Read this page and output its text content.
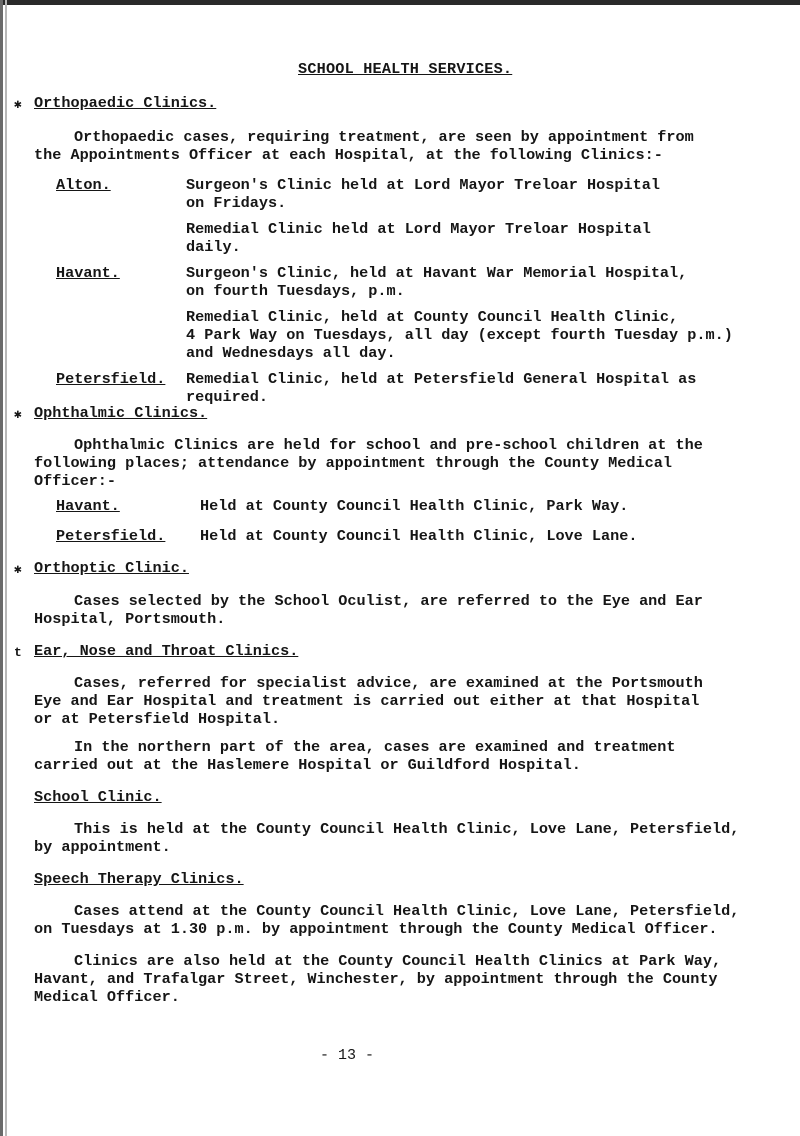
SCHOOL HEALTH SERVICES.
✱ Orthopaedic Clinics.
Orthopaedic cases, requiring treatment, are seen by appointment from
the Appointments Officer at each Hospital, at the following Clinics:-
Alton.	Surgeon's Clinic held at Lord Mayor Treloar Hospital
on Fridays.
Remedial Clinic held at Lord Mayor Treloar Hospital
daily.
Havant.	Surgeon's Clinic, held at Havant War Memorial Hospital,
on fourth Tuesdays, p.m.
Remedial Clinic, held at County Council Health Clinic,
4 Park Way on Tuesdays, all day (except fourth Tuesday p.m.)
and Wednesdays all day.
Petersfield. Remedial Clinic, held at Petersfield General Hospital as
required.
✱ Ophthalmic Clinics.
Ophthalmic Clinics are held for school and pre-school children at the
following places; attendance by appointment through the County Medical
Officer:-
Havant.	Held at County Council Health Clinic, Park Way.
Petersfield. Held at County Council Health Clinic, Love Lane.
✱ Orthoptic Clinic.
Cases selected by the School Oculist, are referred to the Eye and Ear
Hospital, Portsmouth.
t Ear, Nose and Throat Clinics.
Cases, referred for specialist advice, are examined at the Portsmouth
Eye and Ear Hospital and treatment is carried out either at that Hospital
or at Petersfield Hospital.
In the northern part of the area, cases are examined and treatment
carried out at the Haslemere Hospital or Guildford Hospital.
School Clinic.
This is held at the County Council Health Clinic, Love Lane, Petersfield,
by appointment.
Speech Therapy Clinics.
Cases attend at the County Council Health Clinic, Love Lane, Petersfield,
on Tuesdays at 1.30 p.m. by appointment through the County Medical Officer.
Clinics are also held at the County Council Health Clinics at Park Way,
Havant, and Trafalgar Street, Winchester, by appointment through the County
Medical Officer.
- 13 -
